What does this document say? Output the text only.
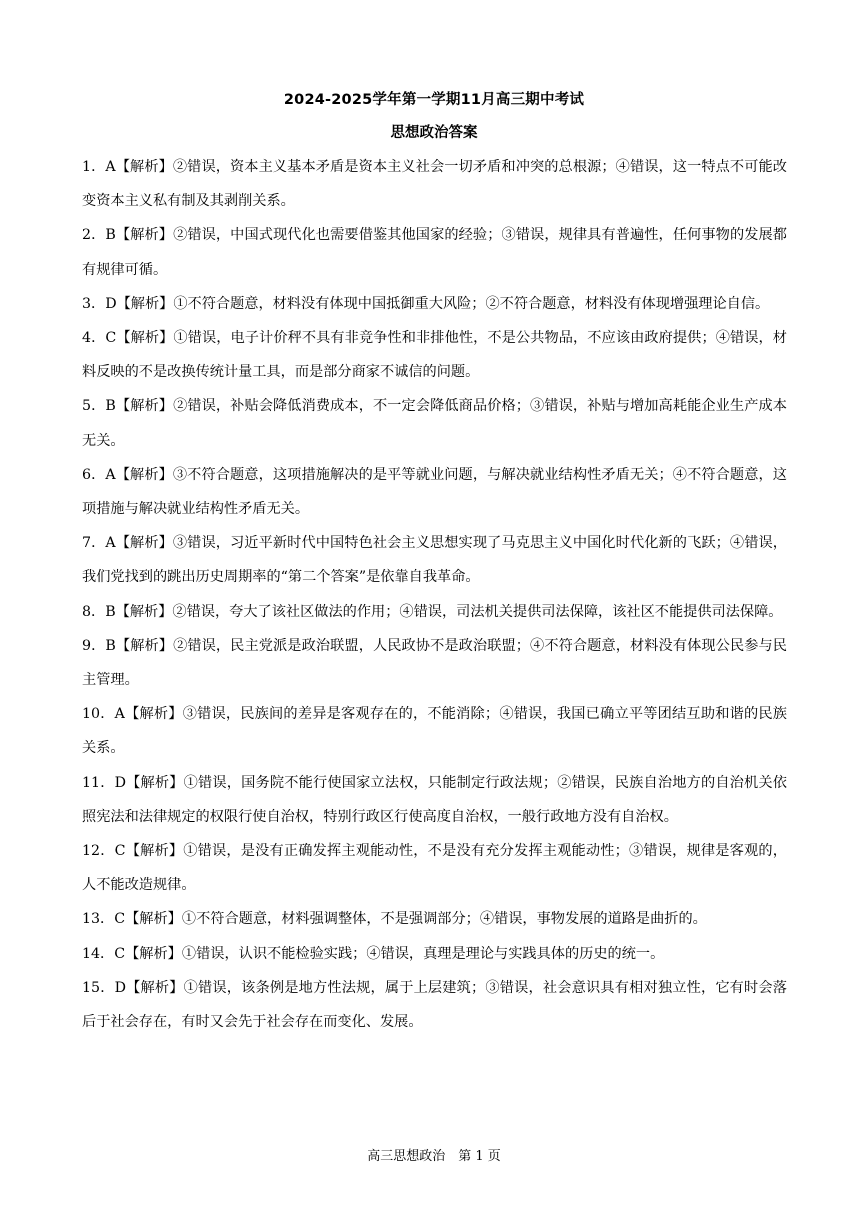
2024-2025学年第一学期11月高三期中考试
思想政治答案
1．A【解析】②错误，资本主义基本矛盾是资本主义社会一切矛盾和冲突的总根源；④错误，这一特点不可能改变资本主义私有制及其剥削关系。
2．B【解析】②错误，中国式现代化也需要借鉴其他国家的经验；③错误，规律具有普遍性，任何事物的发展都有规律可循。
3．D【解析】①不符合题意，材料没有体现中国抵御重大风险；②不符合题意，材料没有体现增强理论自信。
4．C【解析】①错误，电子计价秤不具有非竞争性和非排他性，不是公共物品，不应该由政府提供；④错误，材料反映的不是改换传统计量工具，而是部分商家不诚信的问题。
5．B【解析】②错误，补贴会降低消费成本，不一定会降低商品价格；③错误，补贴与增加高耗能企业生产成本无关。
6．A【解析】③不符合题意，这项措施解决的是平等就业问题，与解决就业结构性矛盾无关；④不符合题意，这项措施与解决就业结构性矛盾无关。
7．A【解析】③错误，习近平新时代中国特色社会主义思想实现了马克思主义中国化时代化新的飞跃；④错误，我们党找到的跳出历史周期率的“第二个答案”是依靠自我革命。
8．B【解析】②错误，夸大了该社区做法的作用；④错误，司法机关提供司法保障，该社区不能提供司法保障。
9．B【解析】②错误，民主党派是政治联盟，人民政协不是政治联盟；④不符合题意，材料没有体现公民参与民主管理。
10．A【解析】③错误，民族间的差异是客观存在的，不能消除；④错误，我国已确立平等团结互助和谐的民族关系。
11．D【解析】①错误，国务院不能行使国家立法权，只能制定行政法规；②错误，民族自治地方的自治机关依照宪法和法律规定的权限行使自治权，特别行政区行使高度自治权，一般行政地方没有自治权。
12．C【解析】①错误，是没有正确发挥主观能动性，不是没有充分发挥主观能动性；③错误，规律是客观的，人不能改造规律。
13．C【解析】①不符合题意，材料强调整体，不是强调部分；④错误，事物发展的道路是曲折的。
14．C【解析】①错误，认识不能检验实践；④错误，真理是理论与实践具体的历史的统一。
15．D【解析】①错误，该条例是地方性法规，属于上层建筑；③错误，社会意识具有相对独立性，它有时会落后于社会存在，有时又会先于社会存在而变化、发展。
高三思想政治　第 1 页
